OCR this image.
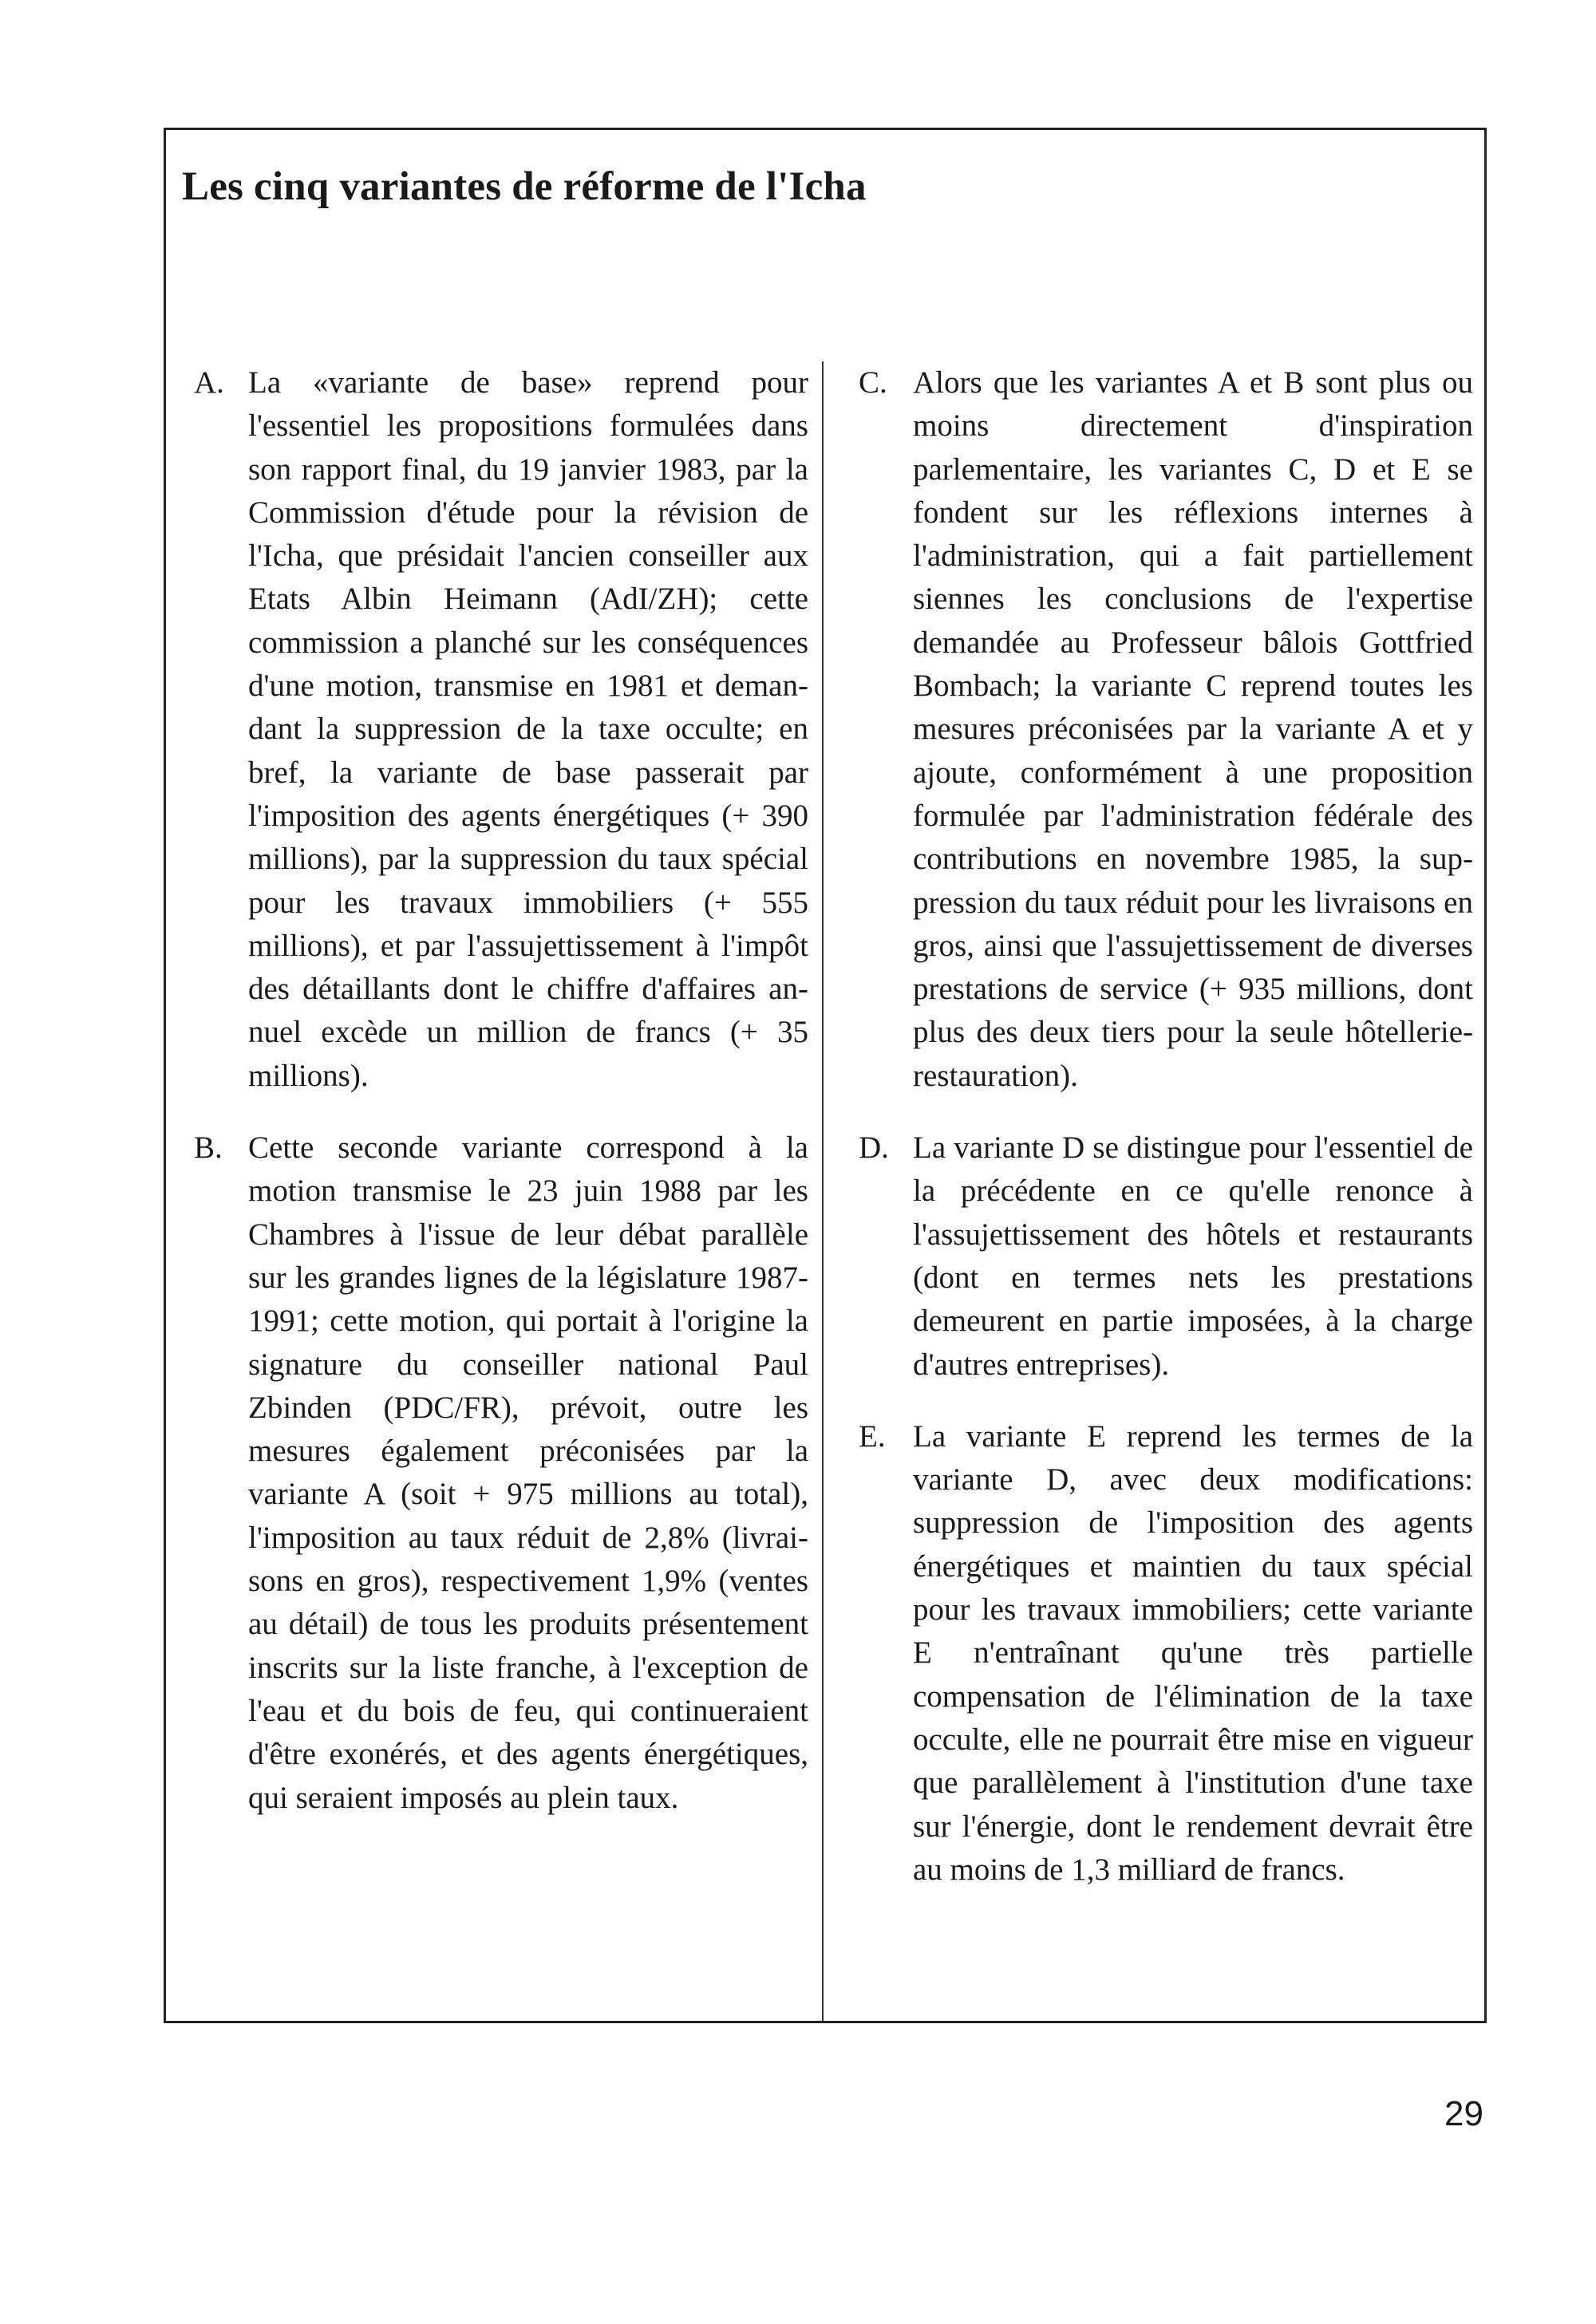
Les cinq variantes de réforme de l'Icha
A. La «variante de base» reprend pour l'essentiel les propositions formulées dans son rapport final, du 19 janvier 1983, par la Commission d'étude pour la révision de l'Icha, que présidait l'ancien conseiller aux Etats Albin Heimann (AdI/ZH); cette commission a planché sur les conséquences d'une motion, transmise en 1981 et demandant la suppression de la taxe occulte; en bref, la variante de base passerait par l'imposition des agents énergétiques (+ 390 millions), par la suppression du taux spécial pour les travaux immobiliers (+ 555 millions), et par l'assujettissement à l'impôt des détaillants dont le chiffre d'affaires annuel excède un million de francs (+ 35 millions).

B. Cette seconde variante correspond à la motion transmise le 23 juin 1988 par les Chambres à l'issue de leur débat parallèle sur les grandes lignes de la législature 1987-1991; cette motion, qui portait à l'origine la signature du conseiller national Paul Zbinden (PDC/FR), prévoit, outre les mesures également préconisées par la variante A (soit + 975 millions au total), l'imposition au taux réduit de 2,8% (livraisons en gros), respectivement 1,9% (ventes au détail) de tous les produits présentement inscrits sur la liste franche, à l'exception de l'eau et du bois de feu, qui continueraient d'être exonérés, et des agents énergétiques, qui seraient imposés au plein taux.

C. Alors que les variantes A et B sont plus ou moins directement d'inspiration parlementaire, les variantes C, D et E se fondent sur les réflexions internes à l'administration, qui a fait partiellement siennes les conclusions de l'expertise demandée au Professeur bâlois Gottfried Bombach; la variante C reprend toutes les mesures préconisées par la variante A et y ajoute, conformément à une proposition formulée par l'administration fédérale des contributions en novembre 1985, la suppression du taux réduit pour les livraisons en gros, ainsi que l'assujettissement de diverses prestations de service (+ 935 millions, dont plus des deux tiers pour la seule hôtellerie-restauration).

D. La variante D se distingue pour l'essentiel de la précédente en ce qu'elle renonce à l'assujettissement des hôtels et restaurants (dont en termes nets les prestations demeurent en partie imposées, à la charge d'autres entreprises).

E. La variante E reprend les termes de la variante D, avec deux modifications: suppression de l'imposition des agents énergétiques et maintien du taux spécial pour les travaux immobiliers; cette variante E n'entraînant qu'une très partielle compensation de l'élimination de la taxe occulte, elle ne pourrait être mise en vigueur que parallèlement à l'institution d'une taxe sur l'énergie, dont le rendement devrait être au moins de 1,3 milliard de francs.

29
